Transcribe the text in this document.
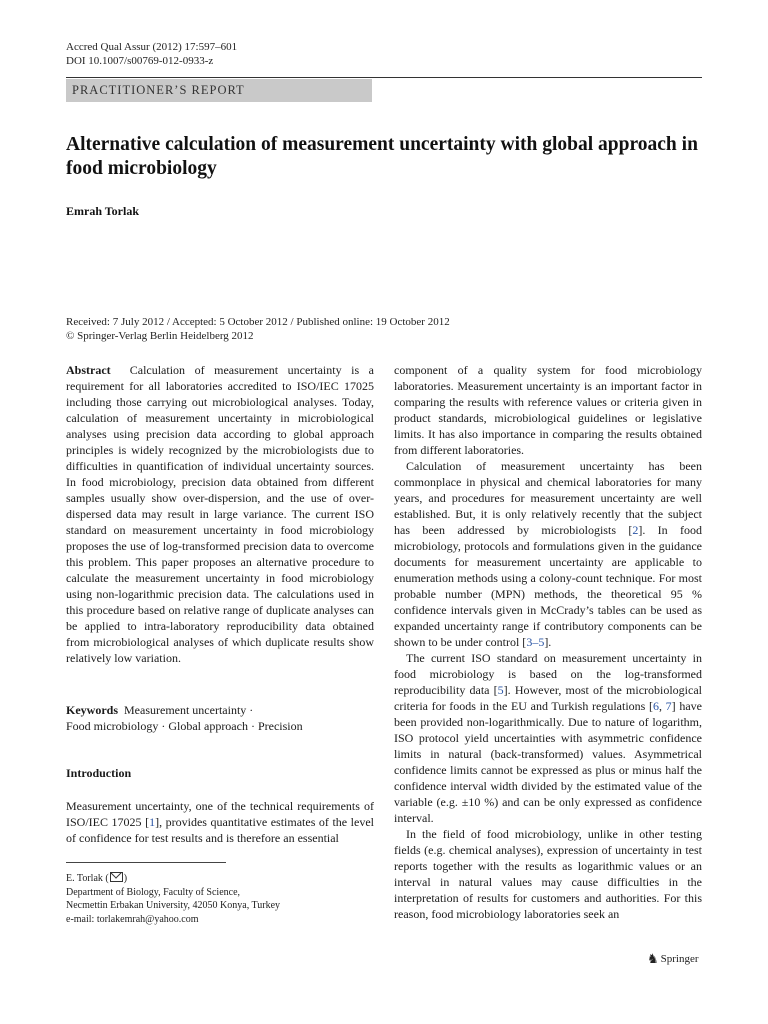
Accred Qual Assur (2012) 17:597–601
DOI 10.1007/s00769-012-0933-z
PRACTITIONER’S REPORT
Alternative calculation of measurement uncertainty with global approach in food microbiology
Emrah Torlak
Received: 7 July 2012 / Accepted: 5 October 2012 / Published online: 19 October 2012
© Springer-Verlag Berlin Heidelberg 2012

Abstract Calculation of measurement uncertainty is a requirement for all laboratories accredited to ISO/IEC 17025 including those carrying out microbiological analyses. Today, calculation of measurement uncertainty in microbiological analyses using precision data according to global approach principles is widely recognized by the microbiologists due to difficulties in quantification of individual uncertainty sources. In food microbiology, precision data obtained from different samples usually show over-dispersion, and the use of over-dispersed data may result in large variance. The current ISO standard on measurement uncertainty in food microbiology proposes the use of log-transformed precision data to overcome this problem. This paper proposes an alternative procedure to calculate the measurement uncertainty in food microbiology using non-logarithmic precision data. The calculations used in this procedure based on relative range of duplicate analyses can be applied to intra-laboratory reproducibility data obtained from microbiological analyses of which duplicate results show relatively low variation.

Keywords Measurement uncertainty ·
Food microbiology · Global approach · Precision
Introduction
Measurement uncertainty, one of the technical requirements of ISO/IEC 17025 [1], provides quantitative estimates of the level of confidence for test results and is therefore an essential

component of a quality system for food microbiology laboratories. Measurement uncertainty is an important factor in comparing the results with reference values or criteria given in product standards, microbiological guidelines or legislative limits. It has also importance in comparing the results obtained from different laboratories.

Calculation of measurement uncertainty has been commonplace in physical and chemical laboratories for many years, and procedures for measurement uncertainty are well established. But, it is only relatively recently that the subject has been addressed by microbiologists [2]. In food microbiology, protocols and formulations given in the guidance documents for measurement uncertainty are applicable to enumeration methods using a colony-count technique. For most probable number (MPN) methods, the theoretical 95 % confidence intervals given in McCrady’s tables can be used as expanded uncertainty range if contributory components can be shown to be under control [3–5].

The current ISO standard on measurement uncertainty in food microbiology is based on the log-transformed reproducibility data [5]. However, most of the microbiological criteria for foods in the EU and Turkish regulations [6, 7] have been provided non-logarithmically. Due to nature of logarithm, ISO protocol yield uncertainties with asymmetric confidence limits in natural (back-transformed) values. Asymmetrical confidence limits cannot be expressed as plus or minus half the confidence interval width divided by the estimated value of the variable (e.g. ±10 %) and can be only expressed as confidence interval.

In the field of food microbiology, unlike in other testing fields (e.g. chemical analyses), expression of uncertainty in test reports together with the results as logarithmic values or an interval in natural values may cause difficulties in the interpretation of results for customers and authorities. For this reason, food microbiology laboratories seek an

E. Torlak ( )
Department of Biology, Faculty of Science,
Necmettin Erbakan University, 42050 Konya, Turkey
e-mail: torlakemrah@yahoo.com
♞ Springer
